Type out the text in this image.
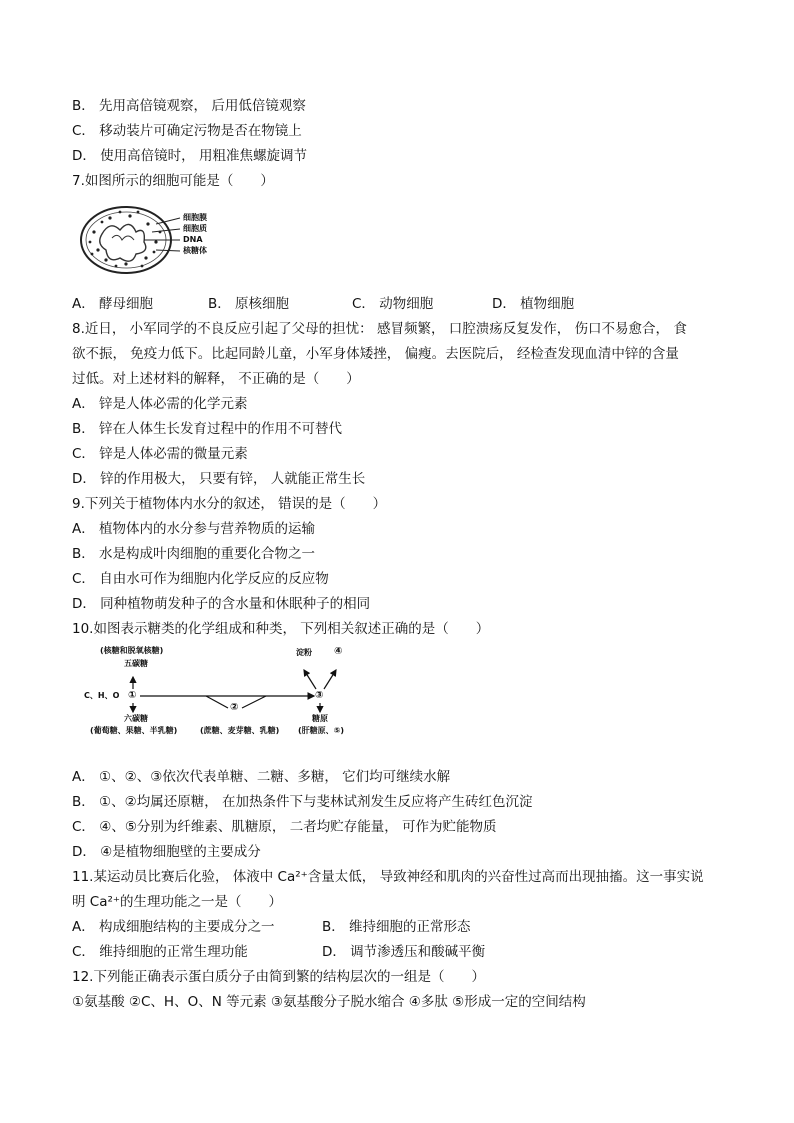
B． 先用高倍镜观察， 后用低倍镜观察
C． 移动装片可确定污物是否在物镜上
D． 使用高倍镜时， 用粗准焦螺旋调节
7.如图所示的细胞可能是（　　）
细胞膜
细胞质
DNA
核糖体
A． 酵母细胞	B． 原核细胞	C． 动物细胞	D． 植物细胞
8.近日， 小军同学的不良反应引起了父母的担忧： 感冒频繁， 口腔溃疡反复发作， 伤口不易愈合， 食
欲不振， 免疫力低下。比起同龄儿童，小军身体矮挫， 偏瘦。去医院后， 经检查发现血清中锌的含量
过低。对上述材料的解释， 不正确的是（　　）
A． 锌是人体必需的化学元素
B． 锌在人体生长发育过程中的作用不可替代
C． 锌是人体必需的微量元素
D． 锌的作用极大， 只要有锌， 人就能正常生长
9.下列关于植物体内水分的叙述， 错误的是（　　）
A． 植物体内的水分参与营养物质的运输
B． 水是构成叶肉细胞的重要化合物之一
C． 自由水可作为细胞内化学反应的反应物
D． 同种植物萌发种子的含水量和休眠种子的相同
10.如图表示糖类的化学组成和种类， 下列相关叙述正确的是（　　）
(核糖和脱氧核糖)
五碳糖
C、H、O ①
②
③
淀粉 ④
六碳糖
(葡萄糖、果糖、半乳糖)	(蔗糖、麦芽糖、乳糖)
糖原
(肝糖原、⑤)
A． ①、②、③依次代表单糖、二糖、多糖， 它们均可继续水解
B． ①、②均属还原糖， 在加热条件下与斐林试剂发生反应将产生砖红色沉淀
C． ④、⑤分别为纤维素、肌糖原， 二者均贮存能量， 可作为贮能物质
D． ④是植物细胞壁的主要成分
11.某运动员比赛后化验， 体液中 Ca²⁺含量太低， 导致神经和肌肉的兴奋性过高而出现抽搐。这一事实说
明 Ca²⁺的生理功能之一是（　　）
A． 构成细胞结构的主要成分之一	B． 维持细胞的正常形态
C． 维持细胞的正常生理功能	D． 调节渗透压和酸碱平衡
12.下列能正确表示蛋白质分子由简到繁的结构层次的一组是（　　）
①氨基酸 ②C、H、O、N 等元素 ③氨基酸分子脱水缩合 ④多肽 ⑤形成一定的空间结构
